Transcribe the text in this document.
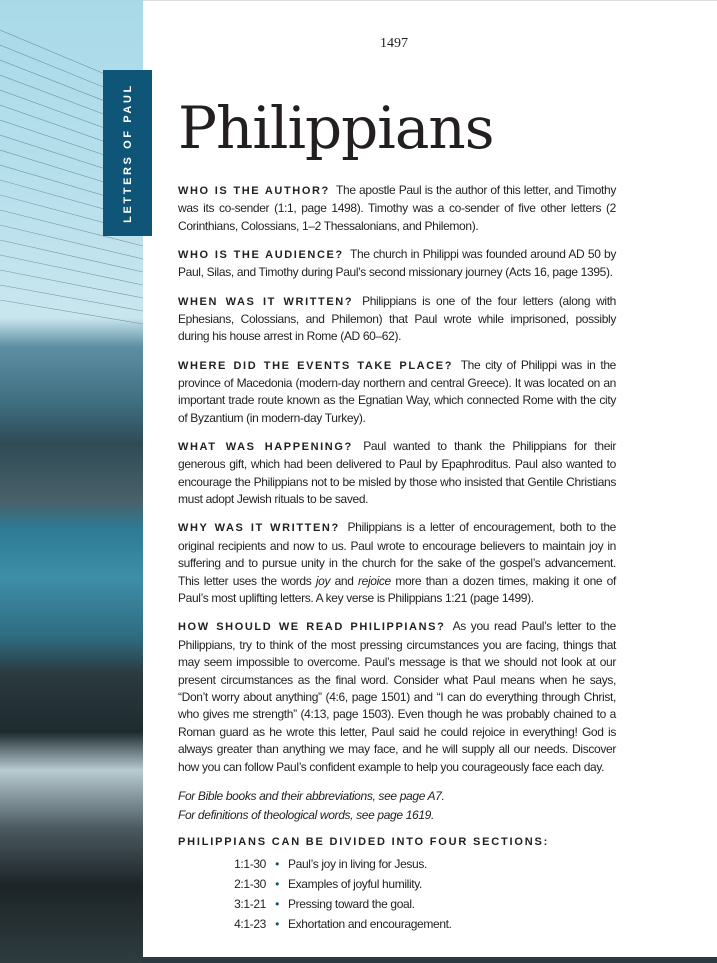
LETTERS OF PAUL
1497
Philippians

WHO IS THE AUTHOR? The apostle Paul is the author of this letter, and Timothy was its co-sender (1:1, page 1498). Timothy was a co-sender of five other letters (2 Corinthians, Colossians, 1–2 Thessalonians, and Philemon).

WHO IS THE AUDIENCE? The church in Philippi was founded around AD 50 by Paul, Silas, and Timothy during Paul’s second missionary journey (Acts 16, page 1395).

WHEN WAS IT WRITTEN? Philippians is one of the four letters (along with Ephesians, Colossians, and Philemon) that Paul wrote while imprisoned, possibly during his house arrest in Rome (AD 60–62).

WHERE DID THE EVENTS TAKE PLACE? The city of Philippi was in the province of Macedonia (modern-day northern and central Greece). It was located on an important trade route known as the Egnatian Way, which connected Rome with the city of Byzantium (in modern-day Turkey).

WHAT WAS HAPPENING? Paul wanted to thank the Philippians for their generous gift, which had been delivered to Paul by Epaphroditus. Paul also wanted to encourage the Philippians not to be misled by those who insisted that Gentile Christians must adopt Jewish rituals to be saved.

WHY WAS IT WRITTEN? Philippians is a letter of encouragement, both to the original recipients and now to us. Paul wrote to encourage believers to maintain joy in suffering and to pursue unity in the church for the sake of the gospel’s advancement. This letter uses the words joy and rejoice more than a dozen times, making it one of Paul’s most uplifting letters. A key verse is Philippians 1:21 (page 1499).

HOW SHOULD WE READ PHILIPPIANS? As you read Paul’s letter to the Philippians, try to think of the most pressing circumstances you are facing, things that may seem impossible to overcome. Paul’s message is that we should not look at our present circumstances as the final word. Consider what Paul means when he says, “Don’t worry about anything” (4:6, page 1501) and “I can do everything through Christ, who gives me strength” (4:13, page 1503). Even though he was probably chained to a Roman guard as he wrote this letter, Paul said he could rejoice in everything! God is always greater than anything we may face, and he will supply all our needs. Discover how you can follow Paul’s confident example to help you courageously face each day.

For Bible books and their abbreviations, see page A7.
For definitions of theological words, see page 1619.
PHILIPPIANS CAN BE DIVIDED INTO FOUR SECTIONS:
1:1-30 • Paul’s joy in living for Jesus.
2:1-30 • Examples of joyful humility.
3:1-21 • Pressing toward the goal.
4:1-23 • Exhortation and encouragement.
